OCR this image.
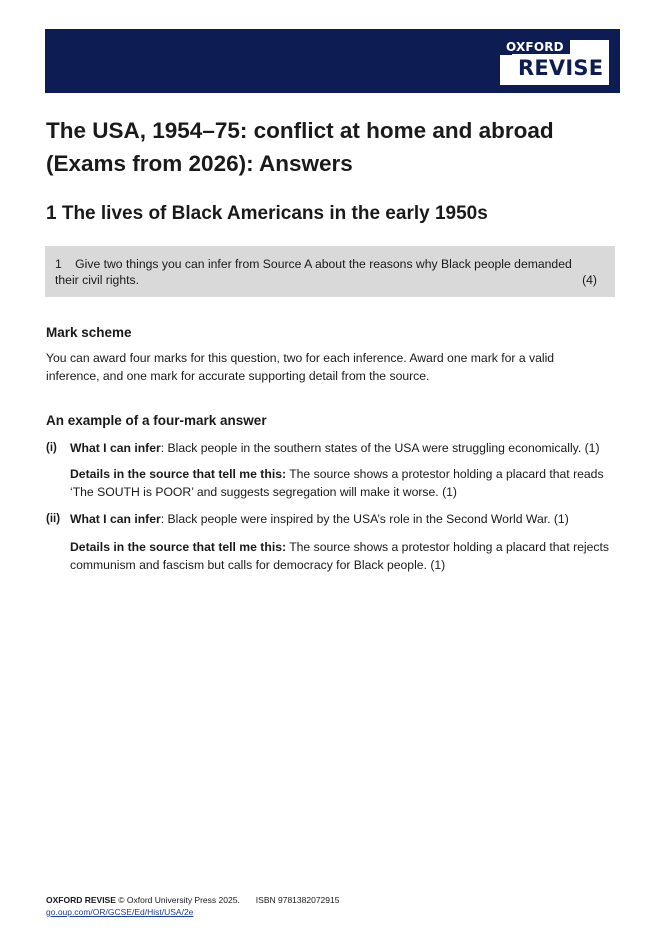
OXFORD
REVISE
The USA, 1954–75: conflict at home and abroad
(Exams from 2026): Answers
1 The lives of Black Americans in the early 1950s
1 Give two things you can infer from Source A about the reasons why Black people demanded
their civil rights.	(4)
Mark scheme

You can award four marks for this question, two for each inference. Award one mark for a valid inference, and one mark for accurate supporting detail from the source.

An example of a four-mark answer
(i) What I can infer: Black people in the southern states of the USA were struggling economically. (1)
Details in the source that tell me this: The source shows a protestor holding a placard that reads ‘The SOUTH is POOR’ and suggests segregation will make it worse. (1)
(ii) What I can infer: Black people were inspired by the USA’s role in the Second World War. (1)
Details in the source that tell me this: The source shows a protestor holding a placard that rejects communism and fascism but calls for democracy for Black people. (1)
OXFORD REVISE © Oxford University Press 2025. ISBN 9781382072915
go.oup.com/OR/GCSE/Ed/Hist/USA/2e
